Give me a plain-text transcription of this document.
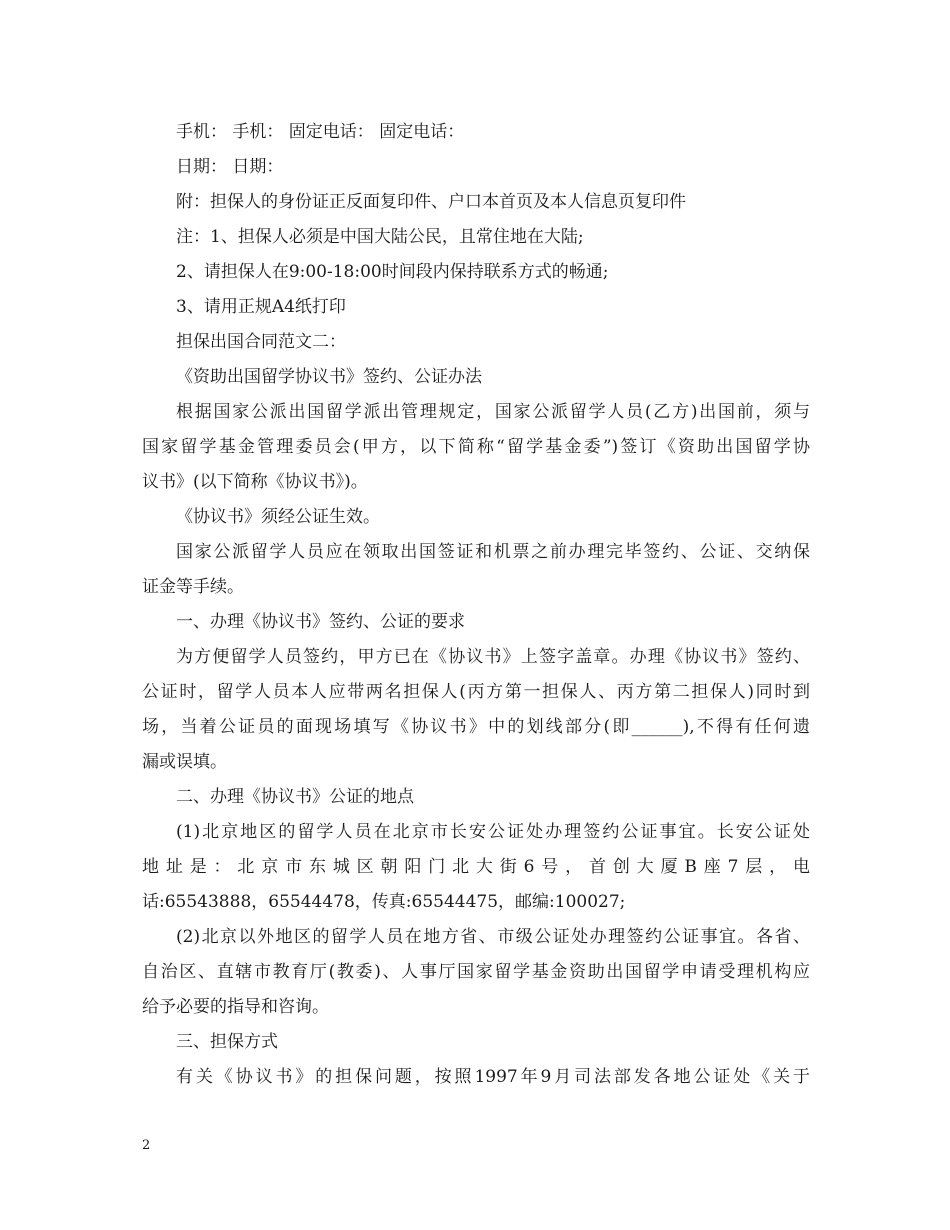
手机： 手机： 固定电话： 固定电话：
日期： 日期：
附：担保人的身份证正反面复印件、户口本首页及本人信息页复印件
注：1、担保人必须是中国大陆公民，且常住地在大陆;
2、请担保人在9:00-18:00时间段内保持联系方式的畅通;
3、请用正规A4纸打印
担保出国合同范文二：
《资助出国留学协议书》签约、公证办法
根据国家公派出国留学派出管理规定，国家公派留学人员(乙方)出国前，须与
国家留学基金管理委员会(甲方，以下简称“留学基金委”)签订《资助出国留学协
议书》(以下简称《协议书》)。
《协议书》须经公证生效。
国家公派留学人员应在领取出国签证和机票之前办理完毕签约、公证、交纳保
证金等手续。
一、办理《协议书》签约、公证的要求
为方便留学人员签约，甲方已在《协议书》上签字盖章。办理《协议书》签约、
公证时，留学人员本人应带两名担保人(丙方第一担保人、丙方第二担保人)同时到
场，当着公证员的面现场填写《协议书》中的划线部分(即______),不得有任何遗
漏或误填。
二、办理《协议书》公证的地点
(1)北京地区的留学人员在北京市长安公证处办理签约公证事宜。长安公证处
地址是：北京市东城区朝阳门北大街6号，首创大厦B座7层，电
话:65543888，65544478，传真:65544475，邮编:100027;
(2)北京以外地区的留学人员在地方省、市级公证处办理签约公证事宜。各省、
自治区、直辖市教育厅(教委)、人事厅国家留学基金资助出国留学申请受理机构应
给予必要的指导和咨询。
三、担保方式
有关《协议书》的担保问题，按照1997年9月司法部发各地公证处《关于
2
